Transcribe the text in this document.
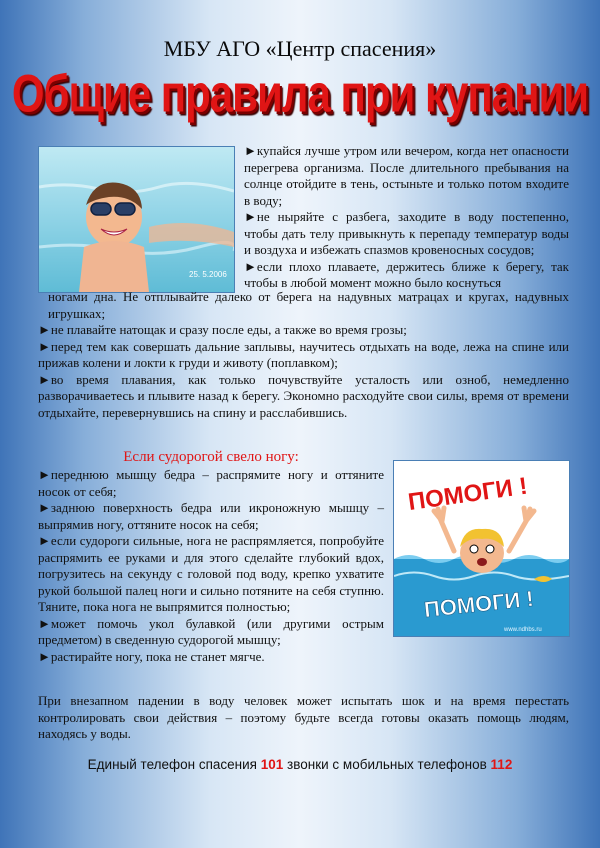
МБУ АГО «Центр спасения»
Общие правила при купании
25. 5.2006

►купайся лучше утром или вечером, когда нет опасности перегрева организма. После длительного пребывания на солнце отойдите в тень, остыньте и только потом входите в воду;

►не ныряйте с разбега, заходите в воду постепенно, чтобы дать телу привыкнуть к перепаду температур воды и воздуха и избежать спазмов кровеносных сосудов;

►если плохо плаваете, держитесь ближе к берегу, так чтобы в любой момент можно было коснуться

ногами дна. Не отплывайте далеко от берега на надувных матрацах и кругах, надувных игрушках;

►не плавайте натощак и сразу после еды, а также во время грозы;

►перед тем как совершать дальние заплывы, научитесь отдыхать на воде, лежа на спине или прижав колени и локти к груди и животу (поплавком);

►во время плавания, как только почувствуйте усталость или озноб, немедленно разворачиваетесь и плывите назад к берегу. Экономно расходуйте свои силы, время от времени отдыхайте, перевернувшись на спину и расслабившись.

Если судорогой свело ногу:

►переднюю мышцу бедра – распрямите ногу и оттяните носок от себя;

►заднюю поверхность бедра или икроножную мышцу – выпрямив ногу, оттяните носок на себя;

►если судороги сильные, нога не распрямляется, попробуйте распрямить ее руками и для этого сделайте глубокий вдох, погрузитесь на секунду с головой под воду, крепко ухватите рукой большой палец ноги и сильно потяните на себя ступню. Тяните, пока нога не выпрямится полностью;

►может помочь укол булавкой (или другими острым предметом) в сведенную судорогой мышцу;

►растирайте ногу, пока не станет мягче.

ПОМОГИ !
ПОМОГИ !
www.ndhbs.ru

При внезапном падении в воду человек может испытать шок и на время перестать контролировать свои действия – поэтому будьте всегда готовы оказать помощь людям, находясь у воды.

Единый телефон спасения 101 звонки с мобильных телефонов 112
